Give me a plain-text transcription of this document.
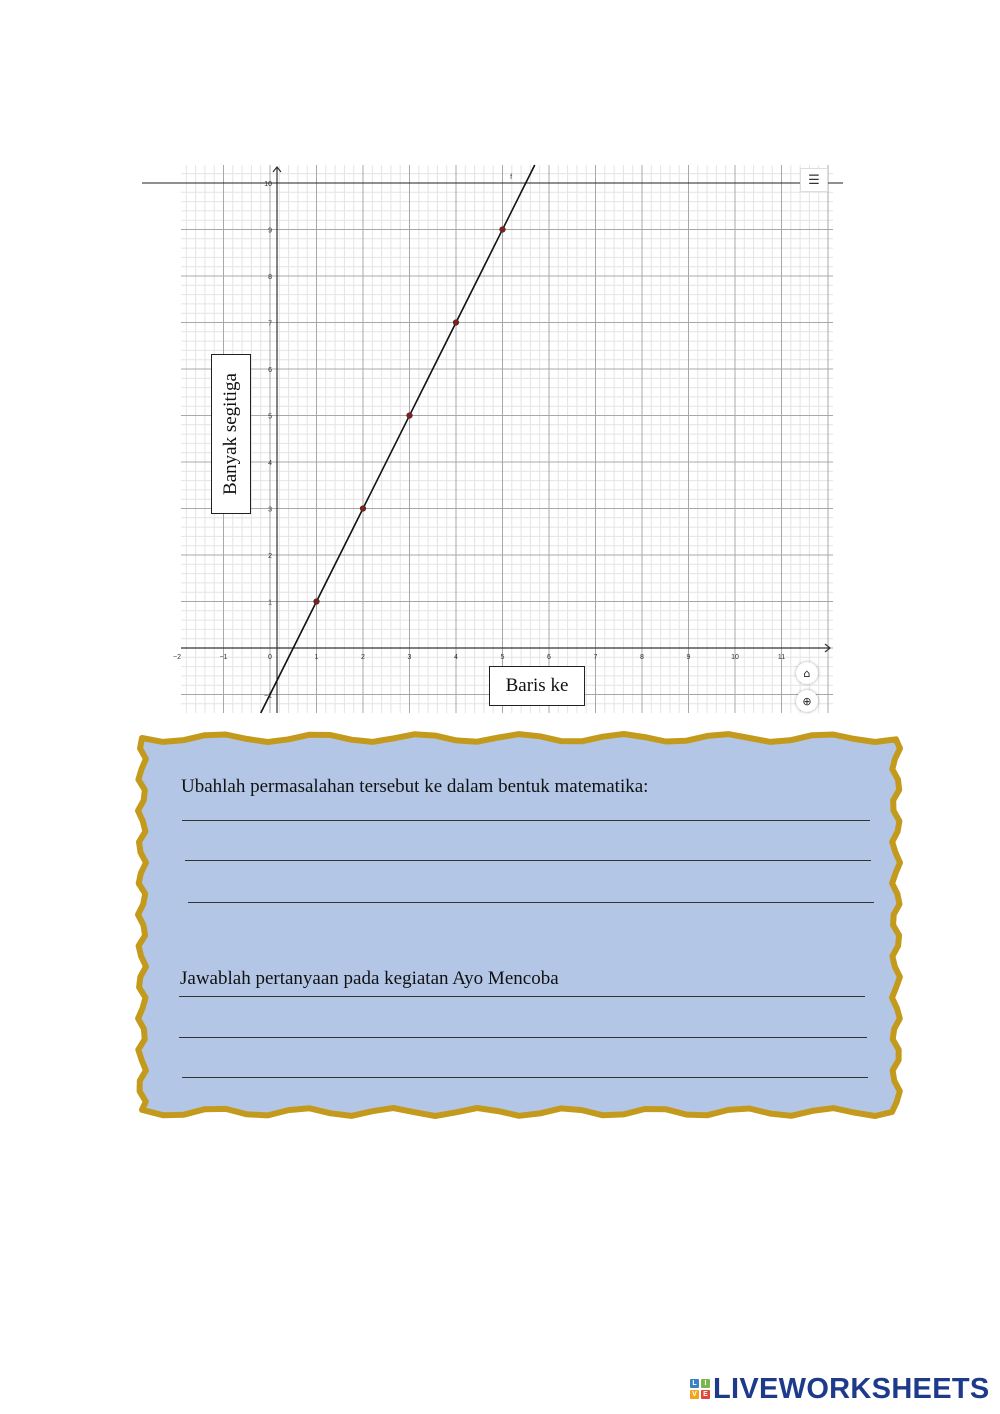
−2	−1	0	1	2	3	4	5	6	7	8	9	10	11
−1
1
2
3
4
5
6
7
8
9
10
f	☰
Banyak segitiga
Baris ke
⌂
⊕
Ubahlah permasalahan tersebut ke dalam bentuk matematika:
Jawablah pertanyaan pada kegiatan Ayo Mencoba
L	I
V E LIVEWORKSHEETS
